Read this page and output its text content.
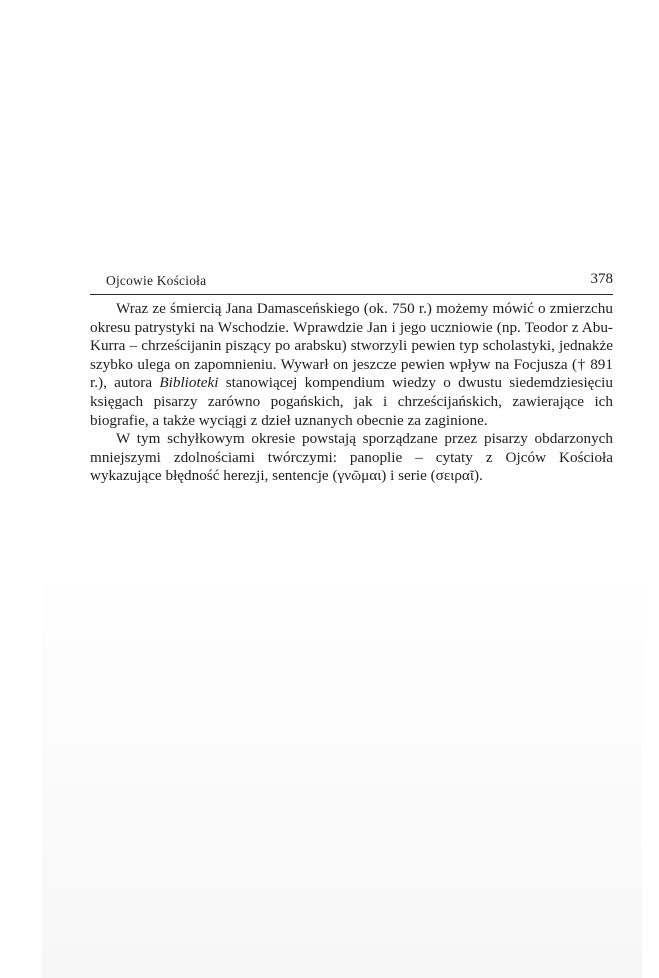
Ojcowie Kościoła	378

Wraz ze śmiercią Jana Damasceńskiego (ok. 750 r.) możemy mówić o zmierzchu okresu patrystyki na Wschodzie. Wprawdzie Jan i jego uczniowie (np. Teodor z Abu-Kurra – chrześcijanin piszący po arabsku) stworzyli pewien typ scholastyki, jednakże szybko ulega on zapomnieniu. Wywarł on jeszcze pewien wpływ na Focjusza († 891 r.), autora Biblioteki stanowiącej kompendium wiedzy o dwustu siedemdziesięciu księgach pisarzy zarówno pogańskich, jak i chrześcijańskich, zawierające ich biografie, a także wyciągi z dzieł uznanych obecnie za zaginione.

W tym schyłkowym okresie powstają sporządzane przez pisarzy obdarzonych mniejszymi zdolnościami twórczymi: panoplie – cytaty z Ojców Kościoła wykazujące błędność herezji, sentencje (γνῶμαι) i serie (σειραῖ).
